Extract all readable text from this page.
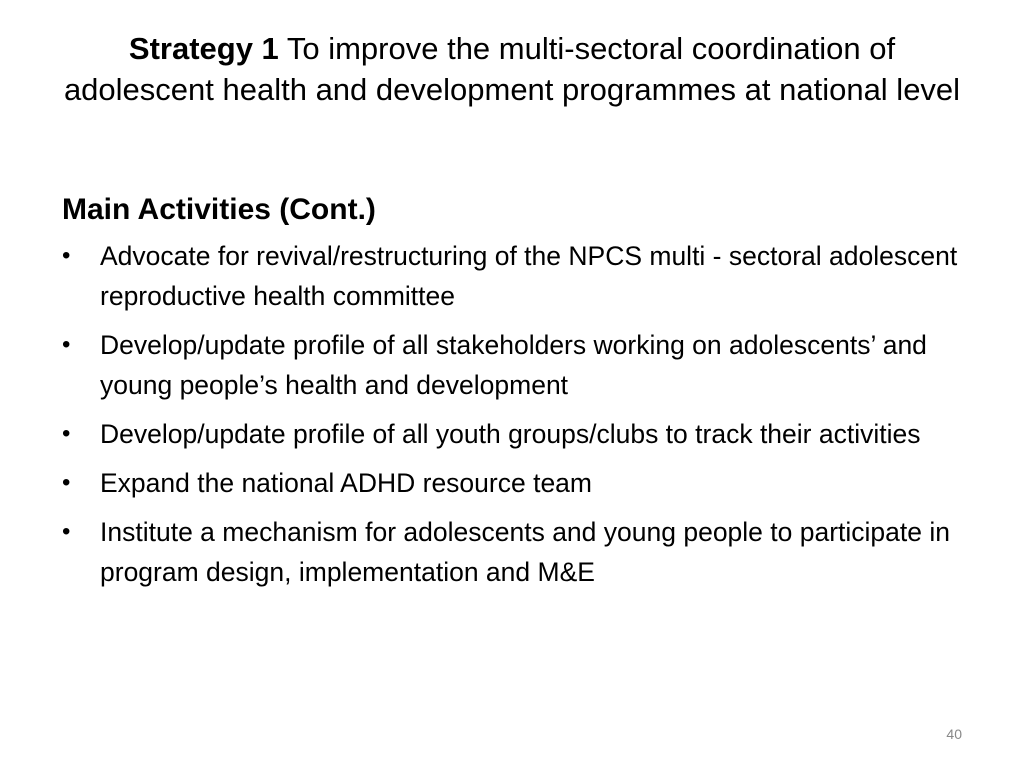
Strategy 1 To improve the multi-sectoral coordination of adolescent health and development programmes at national level
Main Activities (Cont.)
• Advocate for revival/restructuring of the NPCS multi - sectoral adolescent reproductive health committee
• Develop/update profile of all stakeholders working on adolescents’ and young people’s health and development
• Develop/update profile of all youth groups/clubs to track their activities
• Expand the national ADHD resource team
• Institute a mechanism for adolescents and young people to participate in program design, implementation and M&E
40
